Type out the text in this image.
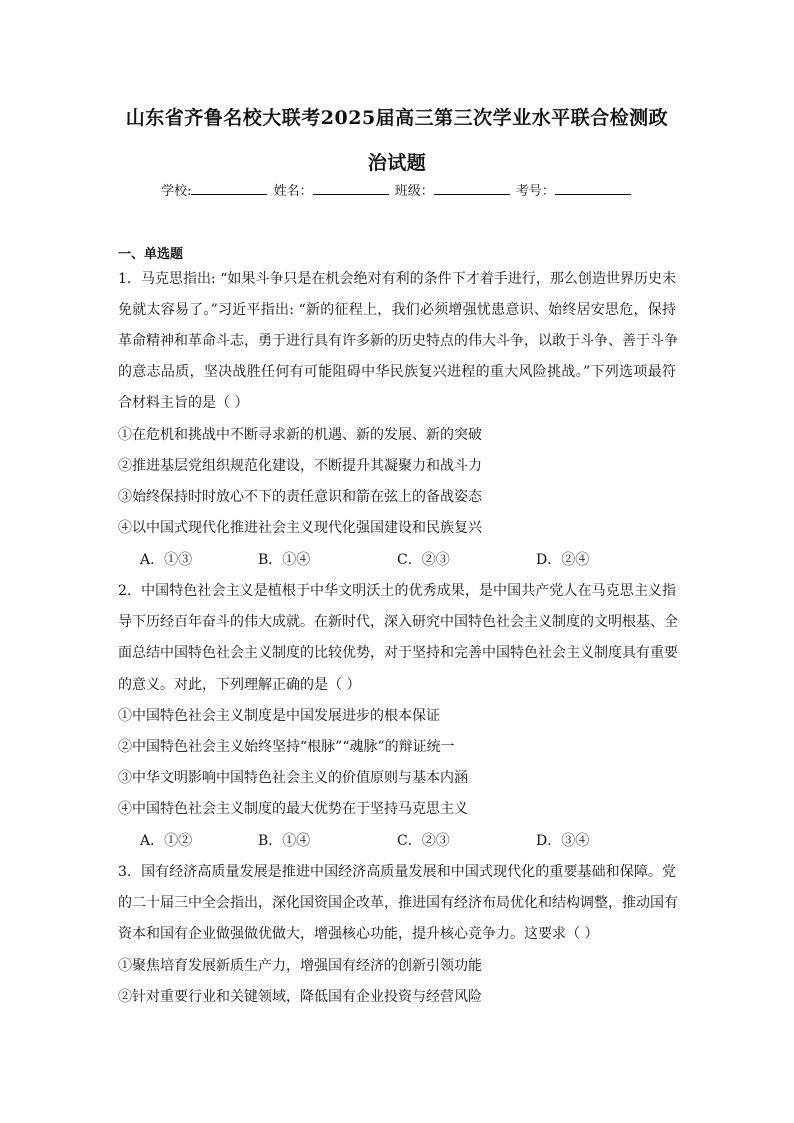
山东省齐鲁名校大联考2025届高三第三次学业水平联合检测政
治试题
学校:	姓名：	班级：	考号：
一、单选题
1．马克思指出: “如果斗争只是在机会绝对有利的条件下才着手进行，那么创造世界历史未
免就太容易了。”习近平指出: “新的征程上，我们必须增强忧患意识、始终居安思危，保持
革命精神和革命斗志，勇于进行具有许多新的历史特点的伟大斗争，以敢于斗争、善于斗争
的意志品质，坚决战胜任何有可能阻碍中华民族复兴进程的重大风险挑战。”下列选项最符
合材料主旨的是（ ）
①在危机和挑战中不断寻求新的机遇、新的发展、新的突破
②推进基层党组织规范化建设，不断提升其凝聚力和战斗力
③始终保持时时放心不下的责任意识和箭在弦上的备战姿态
④以中国式现代化推进社会主义现代化强国建设和民族复兴
A．①③	B．①④	C．②③	D．②④
2．中国特色社会主义是植根于中华文明沃土的优秀成果，是中国共产党人在马克思主义指
导下历经百年奋斗的伟大成就。在新时代，深入研究中国特色社会主义制度的文明根基、全
面总结中国特色社会主义制度的比较优势，对于坚持和完善中国特色社会主义制度具有重要
的意义。对此，下列理解正确的是（ ）
①中国特色社会主义制度是中国发展进步的根本保证
②中国特色社会主义始终坚持“根脉”“魂脉”的辩证统一
③中华文明影响中国特色社会主义的价值原则与基本内涵
④中国特色社会主义制度的最大优势在于坚持马克思主义
A．①②	B．①④	C．②③	D．③④
3．国有经济高质量发展是推进中国经济高质量发展和中国式现代化的重要基础和保障。党
的二十届三中全会指出，深化国资国企改革，推进国有经济布局优化和结构调整，推动国有
资本和国有企业做强做优做大，增强核心功能，提升核心竞争力。这要求（ ）
①聚焦培育发展新质生产力，增强国有经济的创新引领功能
②针对重要行业和关键领域，降低国有企业投资与经营风险
